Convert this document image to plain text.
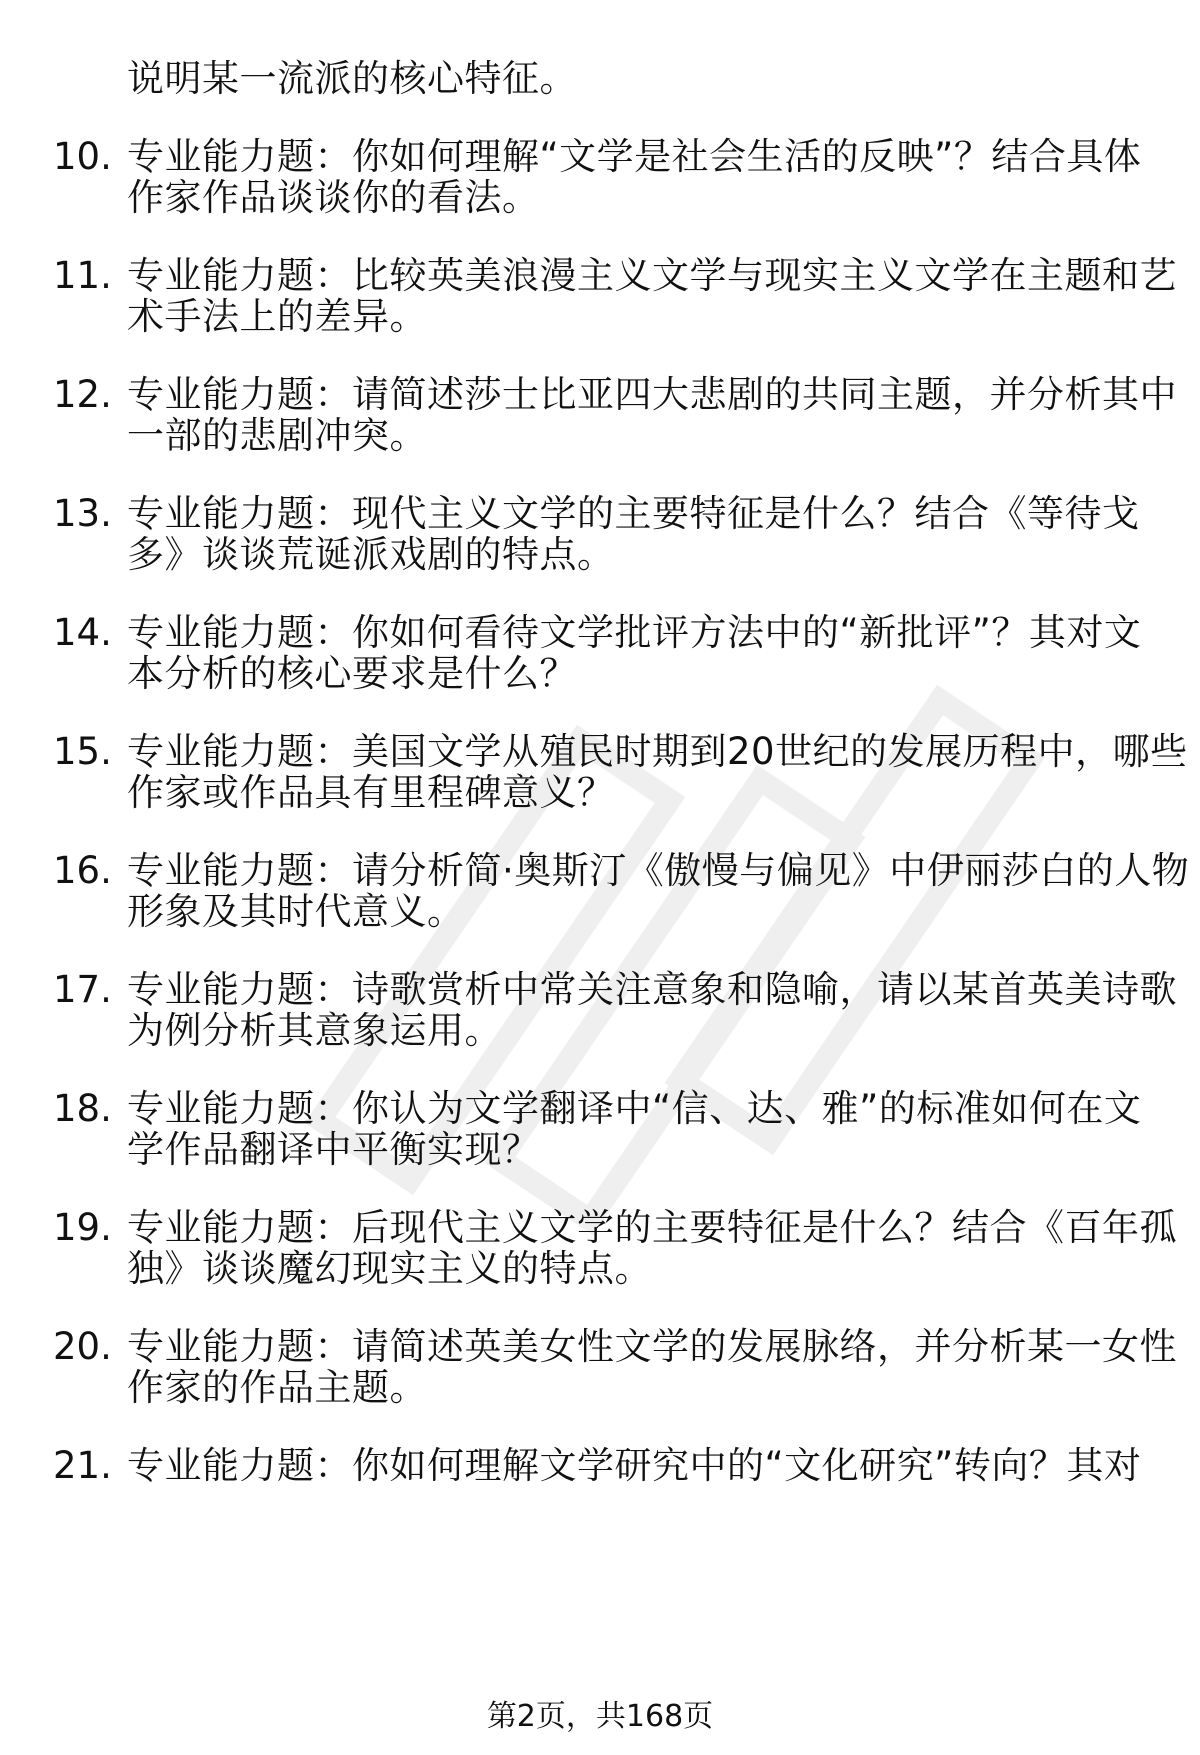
说明某一流派的核心特征。
10. 专业能力题：你如何理解“文学是社会生活的反映”？结合具体
作家作品谈谈你的看法。
11. 专业能力题：比较英美浪漫主义文学与现实主义文学在主题和艺
术手法上的差异。
12. 专业能力题：请简述莎士比亚四大悲剧的共同主题，并分析其中
一部的悲剧冲突。
13. 专业能力题：现代主义文学的主要特征是什么？结合《等待戈
多》谈谈荒诞派戏剧的特点。
14. 专业能力题：你如何看待文学批评方法中的“新批评”？其对文
本分析的核心要求是什么？
15. 专业能力题：美国文学从殖民时期到20世纪的发展历程中，哪些
作家或作品具有里程碑意义？
16. 专业能力题：请分析简·奥斯汀《傲慢与偏见》中伊丽莎白的人物
形象及其时代意义。
17. 专业能力题：诗歌赏析中常关注意象和隐喻，请以某首英美诗歌
为例分析其意象运用。
18. 专业能力题：你认为文学翻译中“信、达、雅”的标准如何在文
学作品翻译中平衡实现？
19. 专业能力题：后现代主义文学的主要特征是什么？结合《百年孤
独》谈谈魔幻现实主义的特点。
20. 专业能力题：请简述英美女性文学的发展脉络，并分析某一女性
作家的作品主题。
21. 专业能力题：你如何理解文学研究中的“文化研究”转向？其对
第2页，共168页
